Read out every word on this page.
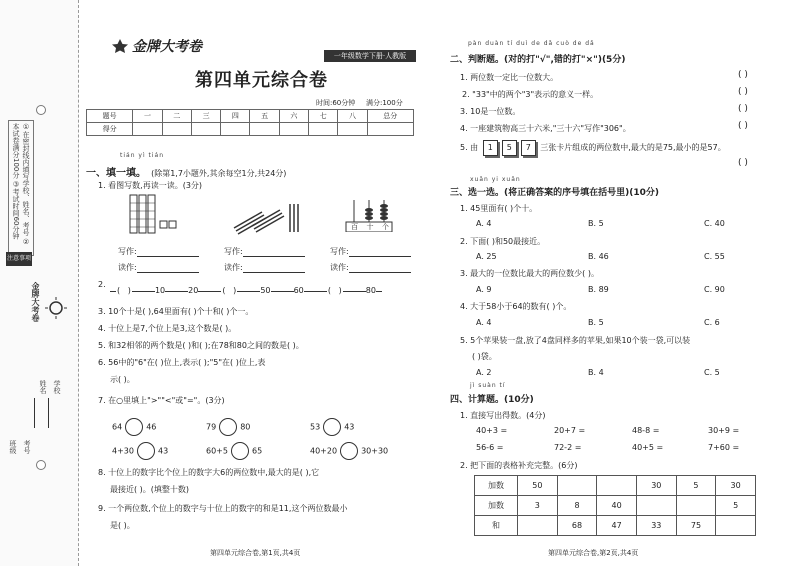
①在密封线内填写学校、姓名、考号 ②本试卷满分100分 ③考试时间60分钟
注意事项
金牌大考卷
学校
姓名
考号
班级
金牌大考卷
一年级数学下册·人教版
第四单元综合卷
时间:60分钟 满分:100分
题号	一	二	三	四	五	六	七	八	总分
得分									
tián yì tián
一、填一填。 (除第1,7小题外,其余每空1分,共24分)
1. 看图写数,再读一读。(3分)
百 十 个
写作:
读作:
写作:
读作:
写作:
读作:
2.
( )	10	20	( )	50	60	( )	80
3. 10个十是( ),64里面有( )个十和( )个一。
4. 十位上是7,个位上是3,这个数是( )。
5. 和32相邻的两个数是( )和( );在78和80之间的数是( )。
6. 56中的"6"在( )位上,表示( );"5"在( )位上,表
示( )。
7. 在○里填上">""<"或"="。(3分)
64	46	79	80	53	43
4+30	43	60+5	65	40+20	30+30
8. 十位上的数字比个位上的数字大6的两位数中,最大的是( ),它
最接近( )。(填整十数)
9. 一个两位数,个位上的数字与十位上的数字的和是11,这个两位数最小
是( )。
第四单元综合卷,第1页,共4页
pàn duàn tí duì de dǎ cuò de dǎ
二、判断题。(对的打"√",错的打"×")(5分)
1. 两位数一定比一位数大。
2. "33"中的两个"3"表示的意义一样。
3. 10是一位数。
4. 一座建筑物高三十六米,"三十六"写作"306"。
5. 由 1 5 7 三张卡片组成的两位数中,最大的是75,最小的是57。
( )
( )
( )
( )
( )
xuǎn yi xuǎn
三、选一选。(将正确答案的序号填在括号里)(10分)
1. 45里面有( )个十。
A. 4	B. 5	C. 40
2. 下面( )和50最接近。
A. 25	B. 46	C. 55
3. 最大的一位数比最大的两位数少( )。
A. 9	B. 89	C. 90
4. 大于58小于64的数有( )个。
A. 4	B. 5	C. 6
5. 5个苹果装一盘,放了4盘同样多的苹果,如果10个装一袋,可以装
( )袋。
A. 2	B. 4	C. 5
jì suàn tí
四、计算题。(10分)
1. 直接写出得数。(4分)
40+3 =	20+7 =	48-8 =	30+9 =
56-6 =	72-2 =	40+5 =	7+60 =
2. 把下面的表格补充完整。(6分)
加数	50			30	5	30
加数	3	8	40			5
和		68	47	33	75	
第四单元综合卷,第2页,共4页
